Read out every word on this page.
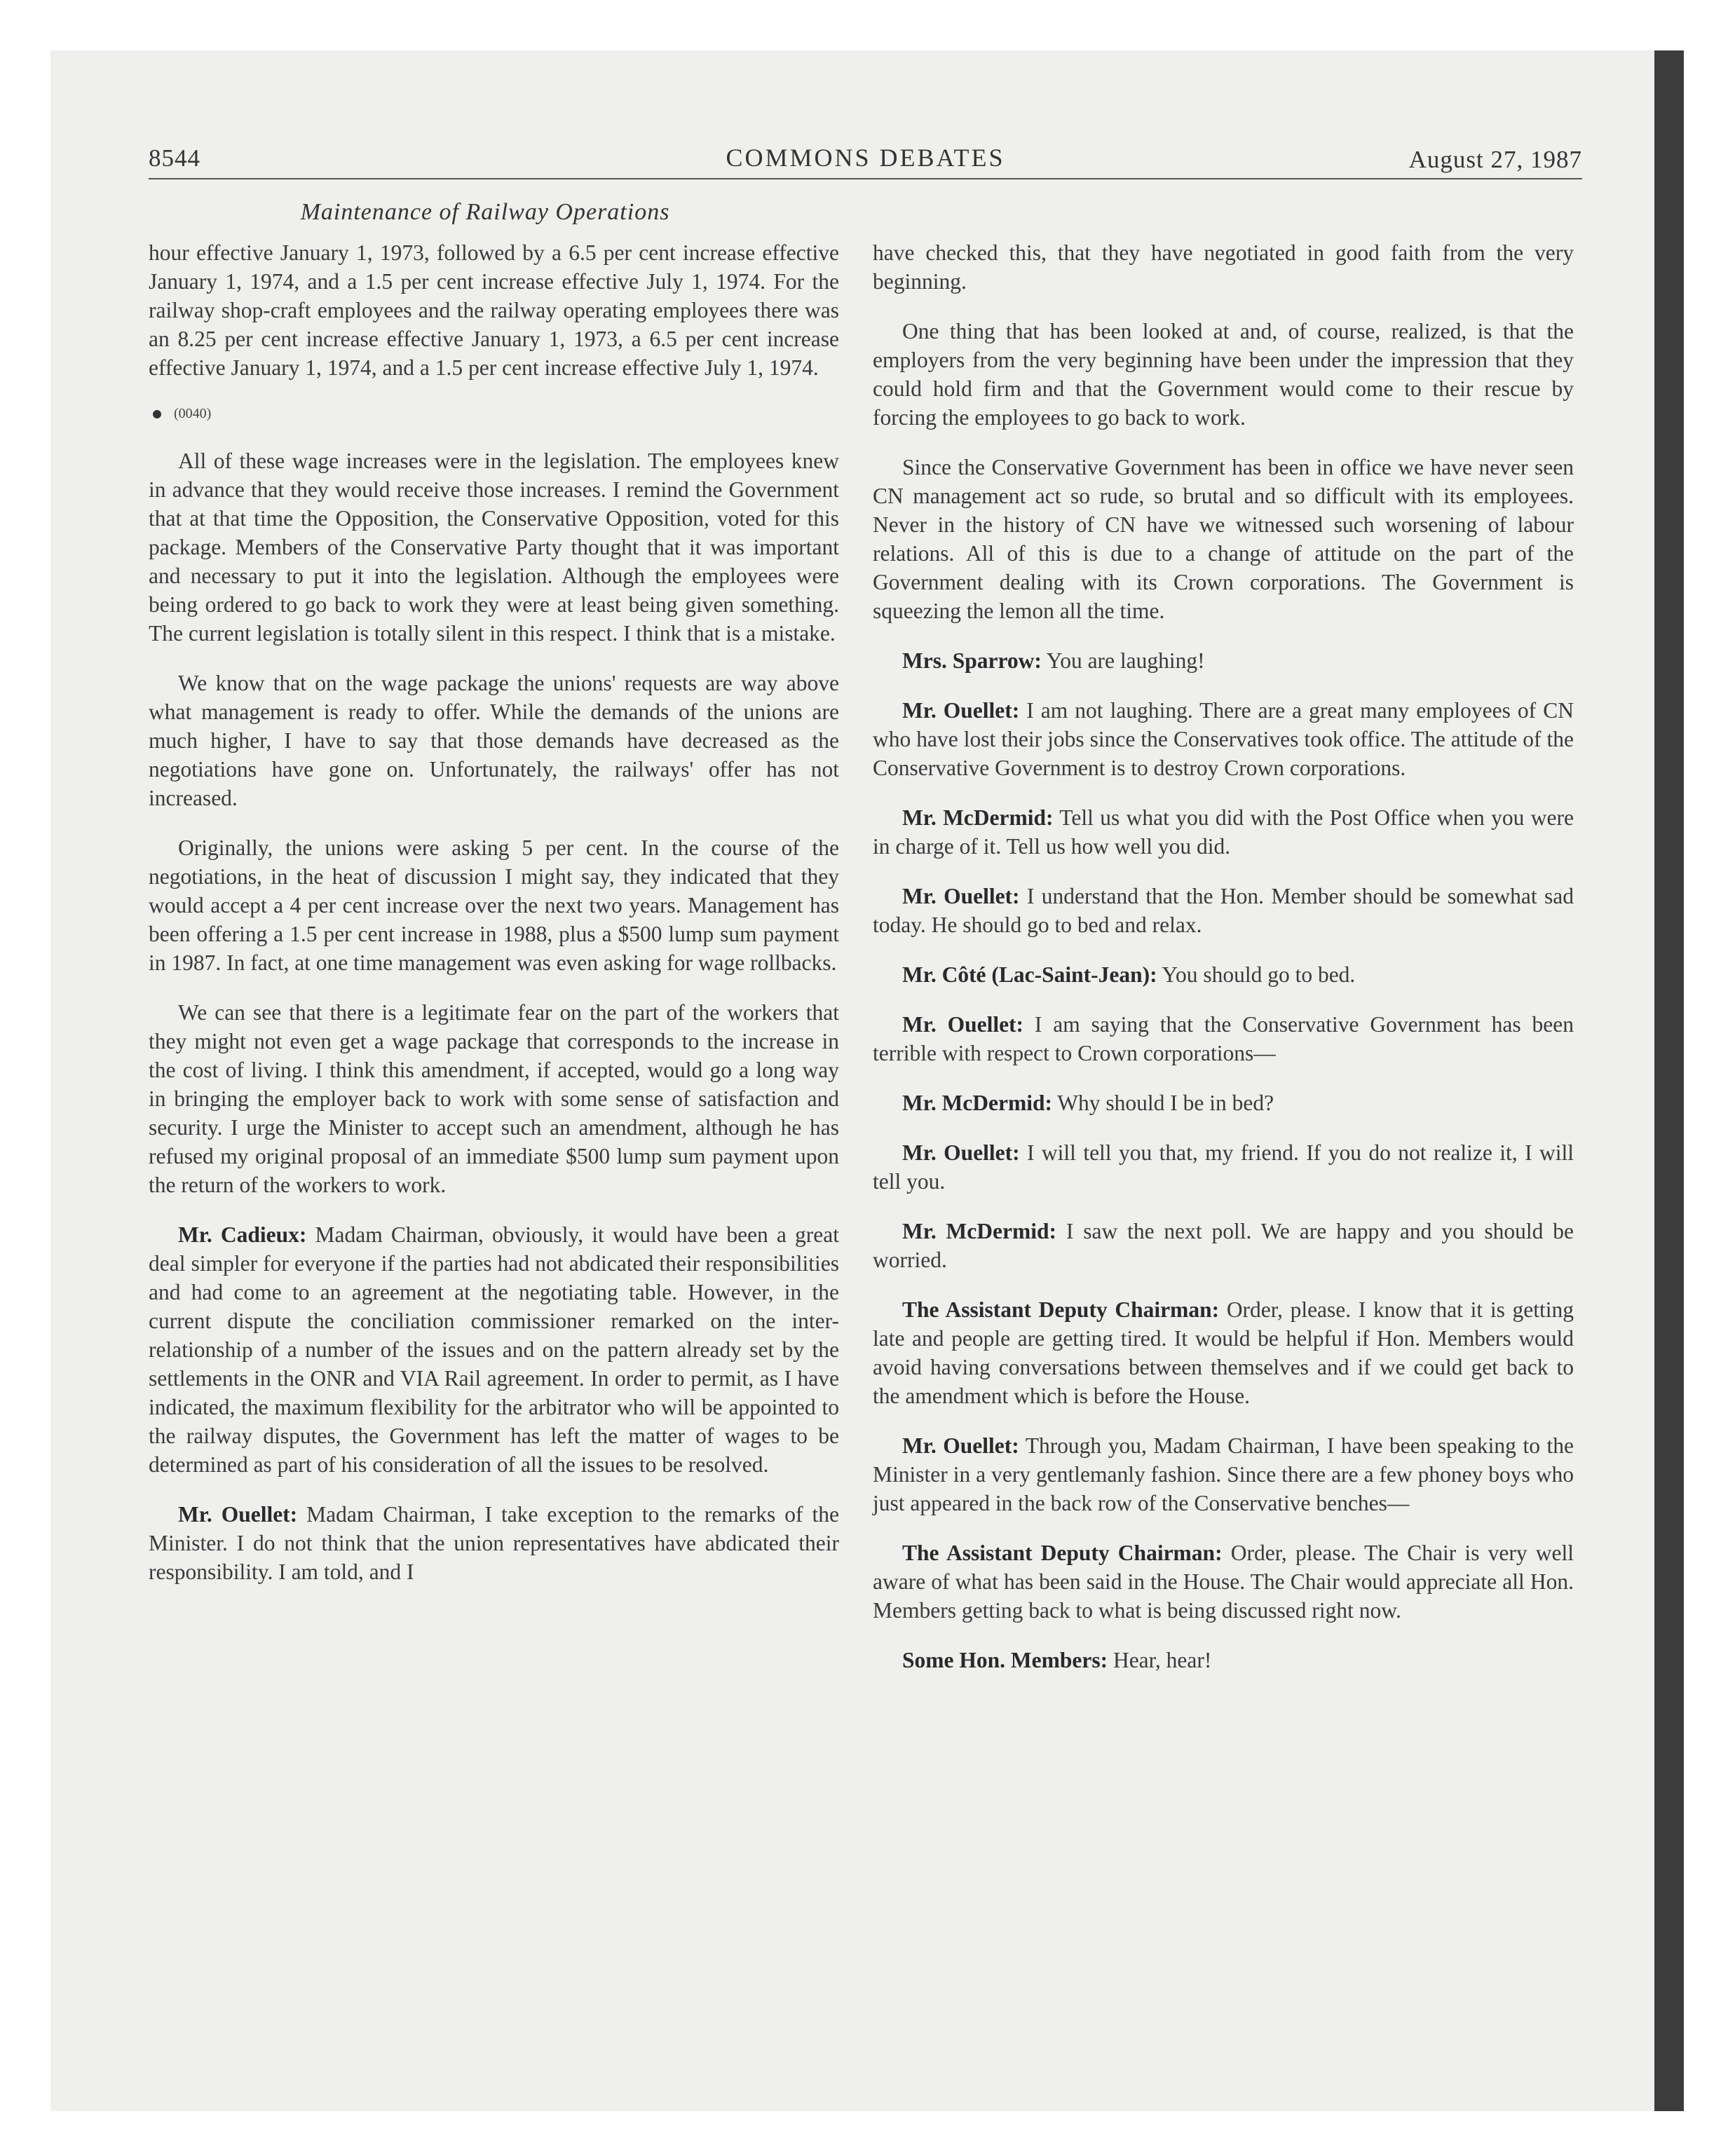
8544	COMMONS DEBATES	August 27, 1987
Maintenance of Railway Operations

hour effective January 1, 1973, followed by a 6.5 per cent increase effective January 1, 1974, and a 1.5 per cent increase effective July 1, 1974. For the railway shop-craft employees and the railway operating employees there was an 8.25 per cent increase effective January 1, 1973, a 6.5 per cent increase effective January 1, 1974, and a 1.5 per cent increase effective July 1, 1974.

(0040)

All of these wage increases were in the legislation. The employees knew in advance that they would receive those increases. I remind the Government that at that time the Opposition, the Conservative Opposition, voted for this package. Members of the Conservative Party thought that it was important and necessary to put it into the legislation. Although the employees were being ordered to go back to work they were at least being given something. The current legislation is totally silent in this respect. I think that is a mistake.

We know that on the wage package the unions' requests are way above what management is ready to offer. While the demands of the unions are much higher, I have to say that those demands have decreased as the negotiations have gone on. Unfortunately, the railways' offer has not increased.

Originally, the unions were asking 5 per cent. In the course of the negotiations, in the heat of discussion I might say, they indicated that they would accept a 4 per cent increase over the next two years. Management has been offering a 1.5 per cent increase in 1988, plus a $500 lump sum payment in 1987. In fact, at one time management was even asking for wage rollbacks.

We can see that there is a legitimate fear on the part of the workers that they might not even get a wage package that corresponds to the increase in the cost of living. I think this amendment, if accepted, would go a long way in bringing the employer back to work with some sense of satisfaction and security. I urge the Minister to accept such an amendment, although he has refused my original proposal of an immediate $500 lump sum payment upon the return of the workers to work.

Mr. Cadieux: Madam Chairman, obviously, it would have been a great deal simpler for everyone if the parties had not abdicated their responsibilities and had come to an agreement at the negotiating table. However, in the current dispute the conciliation commissioner remarked on the inter-relationship of a number of the issues and on the pattern already set by the settlements in the ONR and VIA Rail agreement. In order to permit, as I have indicated, the maximum flexibility for the arbitrator who will be appointed to the railway disputes, the Government has left the matter of wages to be determined as part of his consideration of all the issues to be resolved.

Mr. Ouellet: Madam Chairman, I take exception to the remarks of the Minister. I do not think that the union representatives have abdicated their responsibility. I am told, and I

have checked this, that they have negotiated in good faith from the very beginning.

One thing that has been looked at and, of course, realized, is that the employers from the very beginning have been under the impression that they could hold firm and that the Government would come to their rescue by forcing the employees to go back to work.

Since the Conservative Government has been in office we have never seen CN management act so rude, so brutal and so difficult with its employees. Never in the history of CN have we witnessed such worsening of labour relations. All of this is due to a change of attitude on the part of the Government dealing with its Crown corporations. The Government is squeezing the lemon all the time.

Mrs. Sparrow: You are laughing!

Mr. Ouellet: I am not laughing. There are a great many employees of CN who have lost their jobs since the Conservatives took office. The attitude of the Conservative Government is to destroy Crown corporations.

Mr. McDermid: Tell us what you did with the Post Office when you were in charge of it. Tell us how well you did.

Mr. Ouellet: I understand that the Hon. Member should be somewhat sad today. He should go to bed and relax.

Mr. Côté (Lac-Saint-Jean): You should go to bed.

Mr. Ouellet: I am saying that the Conservative Government has been terrible with respect to Crown corporations—

Mr. McDermid: Why should I be in bed?

Mr. Ouellet: I will tell you that, my friend. If you do not realize it, I will tell you.

Mr. McDermid: I saw the next poll. We are happy and you should be worried.

The Assistant Deputy Chairman: Order, please. I know that it is getting late and people are getting tired. It would be helpful if Hon. Members would avoid having conversations between themselves and if we could get back to the amendment which is before the House.

Mr. Ouellet: Through you, Madam Chairman, I have been speaking to the Minister in a very gentlemanly fashion. Since there are a few phoney boys who just appeared in the back row of the Conservative benches—

The Assistant Deputy Chairman: Order, please. The Chair is very well aware of what has been said in the House. The Chair would appreciate all Hon. Members getting back to what is being discussed right now.

Some Hon. Members: Hear, hear!
